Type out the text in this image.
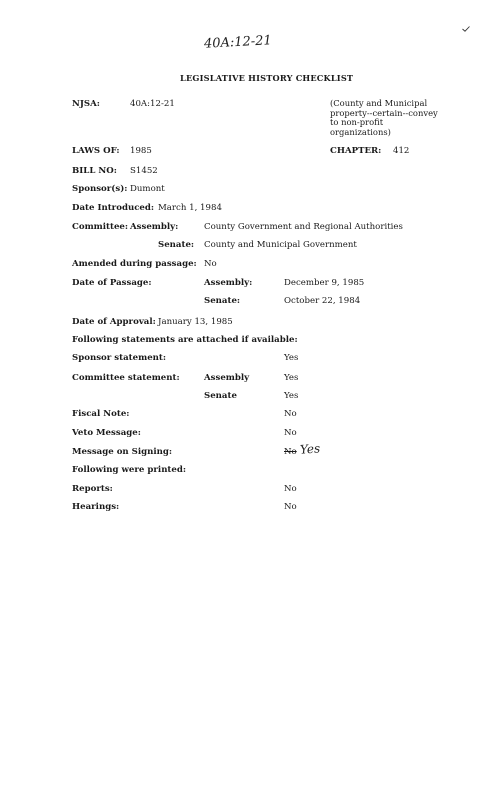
40A:12-21
LEGISLATIVE HISTORY CHECKLIST
NJSA:	40A:12-21	(County and Municipal
property--certain--convey
to non-profit
organizations)
LAWS OF: 1985	CHAPTER: 412
BILL NO: S1452
Sponsor(s): Dumont
Date Introduced: March 1, 1984
Committee: Assembly:	County Government and Regional Authorities
Senate: County and Municipal Government
Amended during passage: No
Date of Passage:	Assembly:	December 9, 1985
Senate:	October 22, 1984
Date of Approval: January 13, 1985
Following statements are attached if available:
Sponsor statement:	Yes
Committee statement:	Assembly	Yes
Senate	Yes
Fiscal Note:	No
Veto Message:	No
Message on Signing:	No Yes
Following were printed:
Reports:	No
Hearings:	No
